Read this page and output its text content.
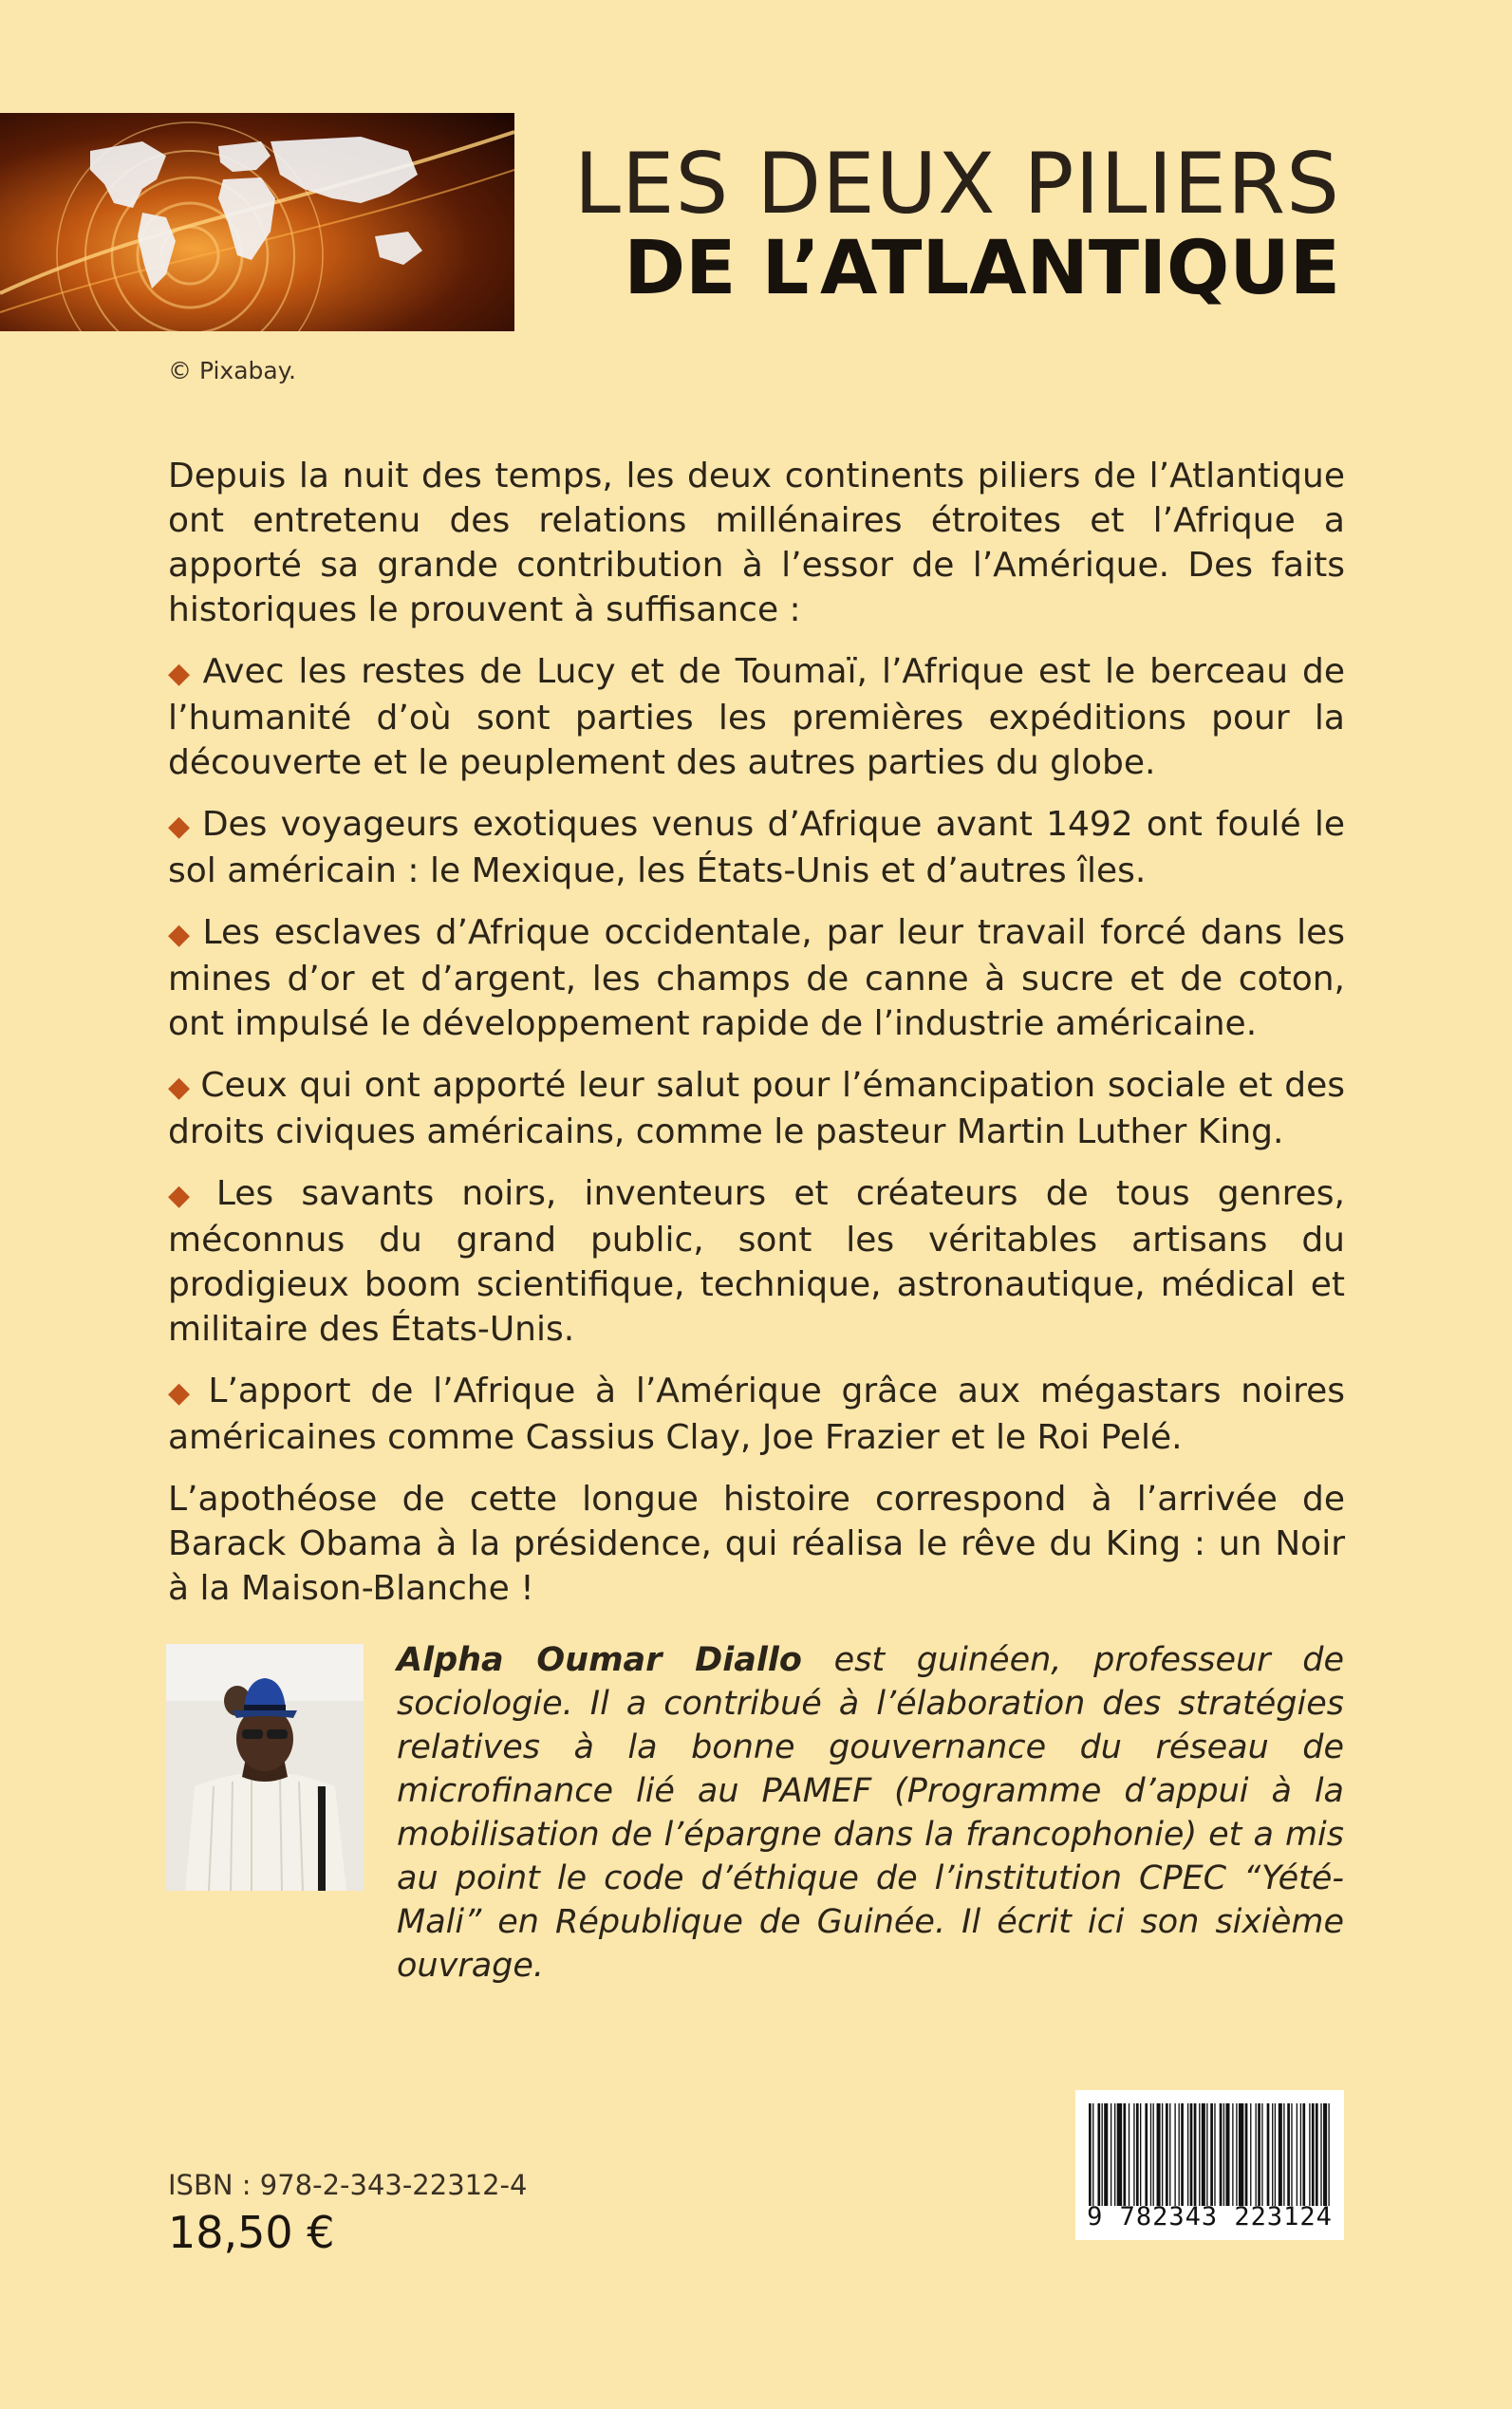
LES DEUX PILIERS
DE L’ATLANTIQUE
© Pixabay.

Depuis la nuit des temps, les deux continents piliers de l’Atlantique ont entretenu des relations millénaires étroites et l’Afrique a apporté sa grande contribution à l’essor de l’Amérique. Des faits historiques le prouvent à suffisance :

◆ Avec les restes de Lucy et de Toumaï, l’Afrique est le berceau de l’humanité d’où sont parties les premières expéditions pour la découverte et le peuplement des autres parties du globe.

◆ Des voyageurs exotiques venus d’Afrique avant 1492 ont foulé le sol américain : le Mexique, les États-Unis et d’autres îles.

◆ Les esclaves d’Afrique occidentale, par leur travail forcé dans les mines d’or et d’argent, les champs de canne à sucre et de coton, ont impulsé le développement rapide de l’industrie américaine.

◆ Ceux qui ont apporté leur salut pour l’émancipation sociale et des droits civiques américains, comme le pasteur Martin Luther King.

◆ Les savants noirs, inventeurs et créateurs de tous genres, méconnus du grand public, sont les véritables artisans du prodigieux boom scientifique, technique, astronautique, médical et militaire des États-Unis.

◆ L’apport de l’Afrique à l’Amérique grâce aux mégastars noires américaines comme Cassius Clay, Joe Frazier et le Roi Pelé.

L’apothéose de cette longue histoire correspond à l’arrivée de Barack Obama à la présidence, qui réalisa le rêve du King : un Noir à la Maison-Blanche !

Alpha Oumar Diallo est guinéen, professeur de sociologie. Il a contribué à l’élaboration des stratégies relatives à la bonne gouvernance du réseau de microfinance lié au PAMEF (Programme d’appui à la mobilisation de l’épargne dans la francophonie) et a mis au point le code d’éthique de l’institution CPEC “Yété-Mali” en République de Guinée. Il écrit ici son sixième ouvrage.
ISBN : 978-2-343-22312-4
18,50 €	9 782343 223124
